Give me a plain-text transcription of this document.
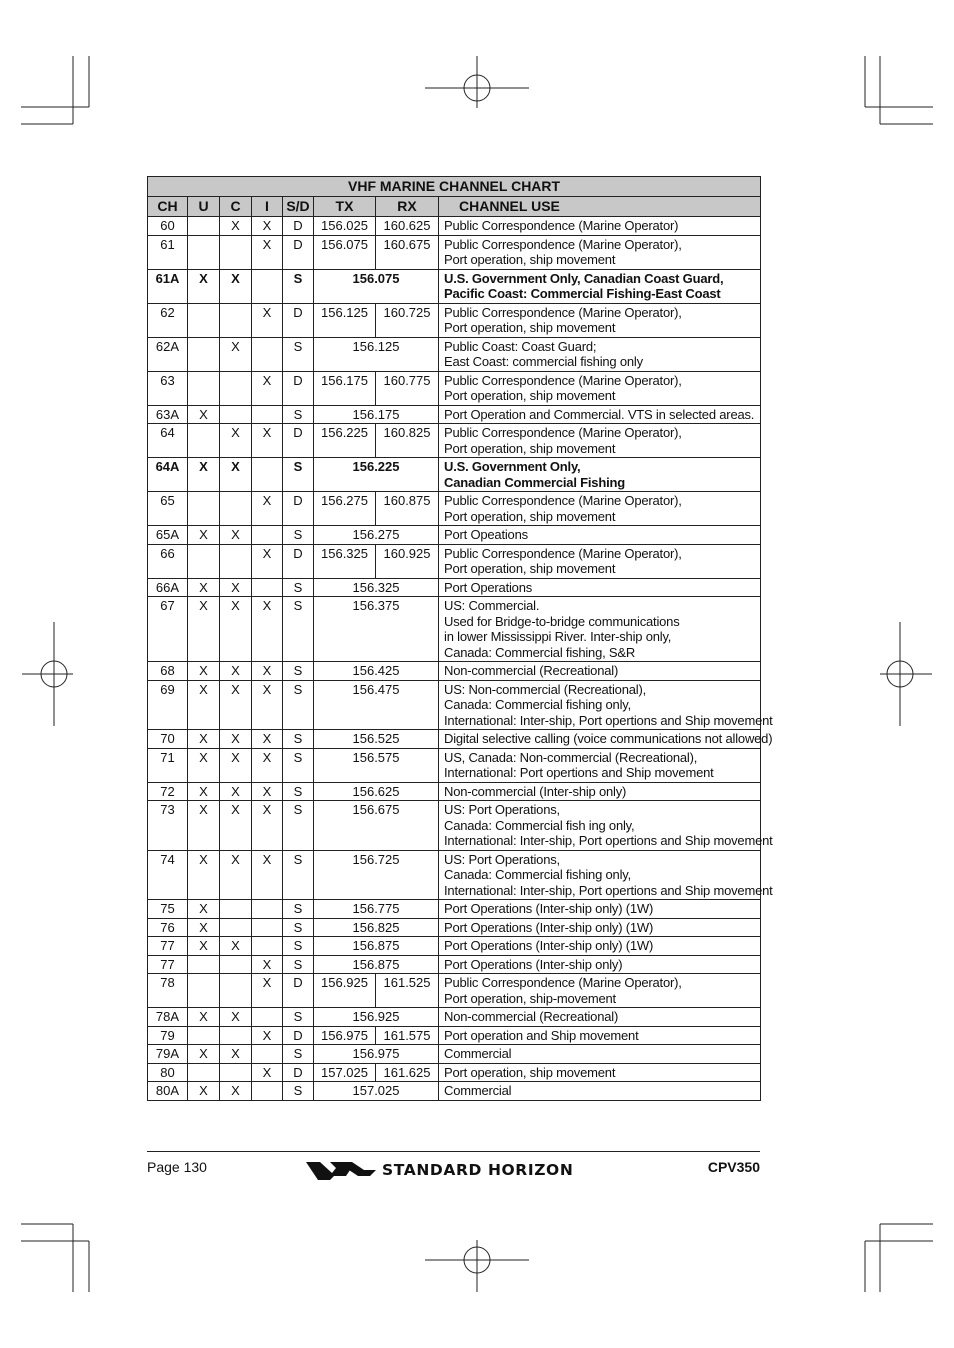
VHF MARINE CHANNEL CHART							
CH	U	C	I	S/D	TX	RX	CHANNEL USE
60		X	X	D	156.025	160.625	Public Correspondence (Marine Operator)

61			X	D	156.075	160.675	Public Correspondence (Marine Operator),
Port operation, ship movement

61A	X	X		S	156.075		U.S. Government Only, Canadian Coast Guard,
Pacific Coast: Commercial Fishing-East Coast

62			X	D	156.125	160.725	Public Correspondence (Marine Operator),
Port operation, ship movement

62A		X		S	156.125		Public Coast: Coast Guard;
East Coast: commercial fishing only

63			X	D	156.175	160.775	Public Correspondence (Marine Operator),
Port operation, ship movement

63A	X			S	156.175		Port Operation and Commercial. VTS in selected areas.

64		X	X	D	156.225	160.825	Public Correspondence (Marine Operator),
Port operation, ship movement

64A	X	X		S	156.225		U.S. Government Only,
Canadian Commercial Fishing

65			X	D	156.275	160.875	Public Correspondence (Marine Operator),
Port operation, ship movement

65A	X	X		S	156.275		Port Opeations

66			X	D	156.325	160.925	Public Correspondence (Marine Operator),
Port operation, ship movement

66A	X	X		S	156.325		Port Operations

67	X	X	X	S	156.375		US: Commercial.
Used for Bridge-to-bridge communications
in lower Mississippi River. Inter-ship only,
Canada: Commercial fishing, S&R

68	X	X	X	S	156.425		Non-commercial (Recreational)

69	X	X	X	S	156.475		US: Non-commercial (Recreational),
Canada: Commercial fishing only,
International: Inter-ship, Port opertions and Ship movement

70	X	X	X	S	156.525		Digital selective calling (voice communications not allowed)

71	X	X	X	S	156.575		US, Canada: Non-commercial (Recreational),
International: Port opertions and Ship movement

72	X	X	X	S	156.625		Non-commercial (Inter-ship only)

73	X	X	X	S	156.675		US: Port Operations,
Canada: Commercial fish ing only,
International: Inter-ship, Port opertions and Ship movement

74	X	X	X	S	156.725		US: Port Operations,
Canada: Commercial fishing only,
International: Inter-ship, Port opertions and Ship movement

75	X			S	156.775		Port Operations (Inter-ship only) (1W)

76	X			S	156.825		Port Operations (Inter-ship only) (1W)

77	X	X		S	156.875		Port Operations (Inter-ship only) (1W)

77			X	S	156.875		Port Operations (Inter-ship only)

78			X	D	156.925	161.525	Public Correspondence (Marine Operator),
Port operation, ship-movement

78A	X	X		S	156.925		Non-commercial (Recreational)

79			X	D	156.975	161.575	Port operation and Ship movement

79A	X	X		S	156.975		Commercial

80			X	D	157.025	161.625	Port operation, ship movement

80A	X	X		S	157.025		Commercial
Page 130	STANDARD HORIZON	CPV350
